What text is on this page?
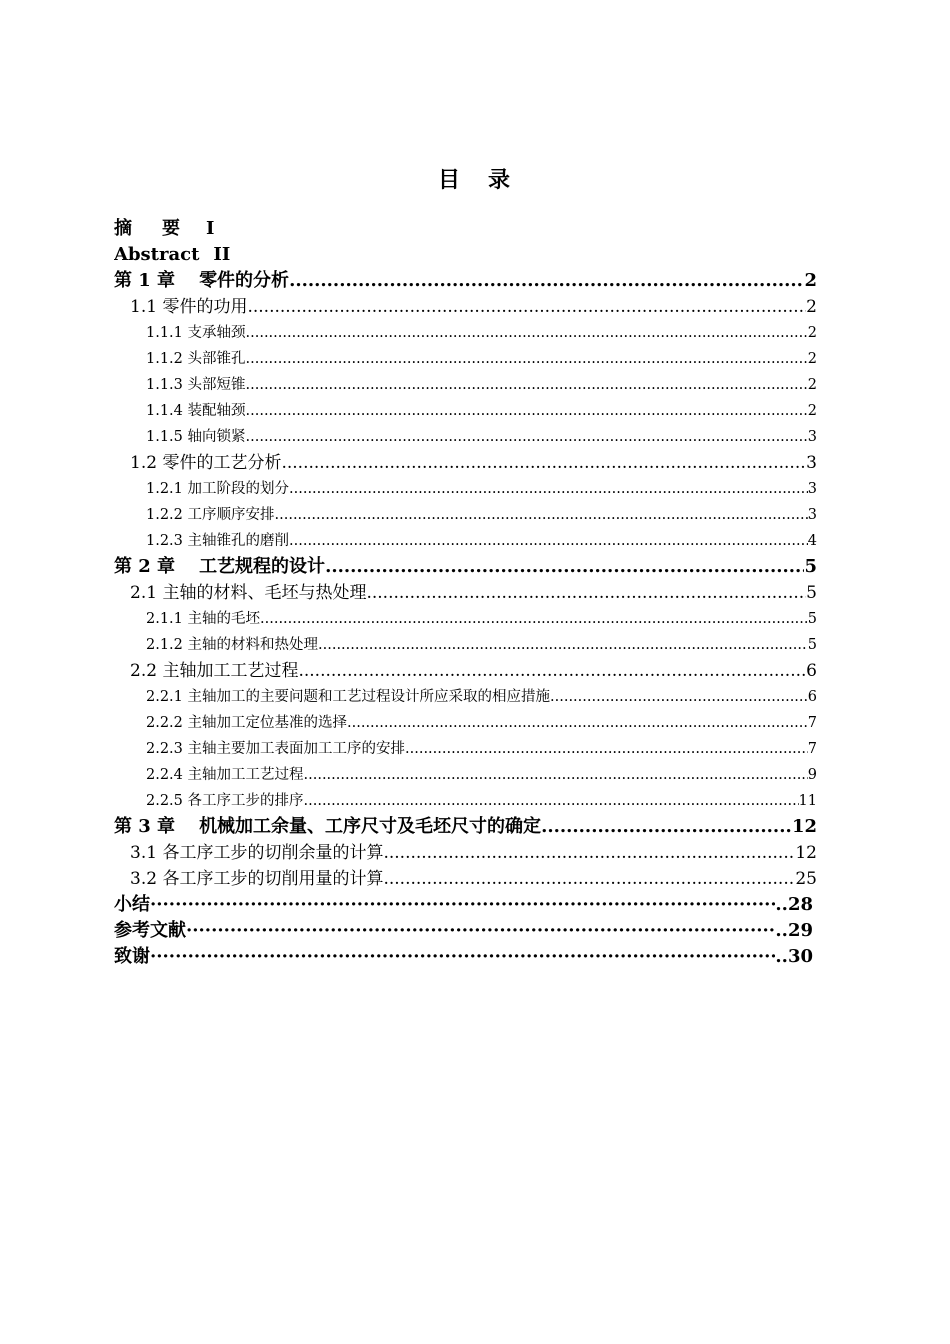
目 录
摘 要 I
Abstract II
第 1 章 零件的分析 .....	2
1.1 零件的功用 .....	2
1.1.1 支承轴颈 .....	2
1.1.2 头部锥孔 .....	2
1.1.3 头部短锥 .....	2
1.1.4 装配轴颈 .....	2
1.1.5 轴向锁紧 .....	3
1.2 零件的工艺分析 .....	3
1.2.1 加工阶段的划分 .....	3
1.2.2 工序顺序安排 .....	3
1.2.3 主轴锥孔的磨削 .....	4
第 2 章 工艺规程的设计 .....	5
2.1 主轴的材料、毛坯与热处理 .....	5
2.1.1 主轴的毛坯 .....	5
2.1.2 主轴的材料和热处理 .....	5
2.2 主轴加工工艺过程 .....	6
2.2.1 主轴加工的主要问题和工艺过程设计所应采取的相应措施 .....	6
2.2.2 主轴加工定位基准的选择 .....	7
2.2.3 主轴主要加工表面加工工序的安排 .....	7
2.2.4 主轴加工工艺过程 .....	9
2.2.5 各工序工步的排序 .....	11
第 3 章 机械加工余量、工序尺寸及毛坯尺寸的确定 .....	12
3.1 各工序工步的切削余量的计算 .....	12
3.2 各工序工步的切削用量的计算 .....	25
小结 ·····	..28
参考文献 ·····	..29
致谢 ·····	..30
